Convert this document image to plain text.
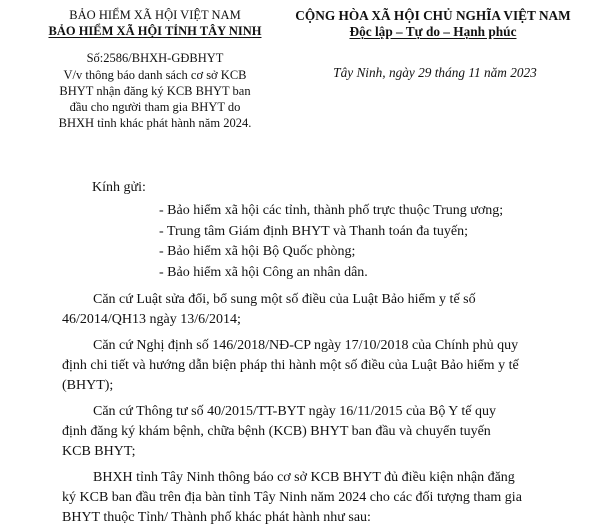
BẢO HIỂM XÃ HỘI VIỆT NAM
BẢO HIỂM XÃ HỘI TỈNH TÂY NINH
CỘNG HÒA XÃ HỘI CHỦ NGHĨA VIỆT NAM
Độc lập – Tự do – Hạnh phúc
Số:2586/BHXH-GĐBHYT
Tây Ninh, ngày 29 tháng 11 năm 2023
V/v thông báo danh sách cơ sở KCB
BHYT nhận đăng ký KCB BHYT ban
đầu cho người tham gia BHYT do
BHXH tỉnh khác phát hành năm 2024.
Kính gửi:
- Bảo hiểm xã hội các tỉnh, thành phố trực thuộc Trung ương;
- Trung tâm Giám định BHYT và Thanh toán đa tuyến;
- Bảo hiểm xã hội Bộ Quốc phòng;
- Bảo hiểm xã hội Công an nhân dân.
Căn cứ Luật sửa đổi, bổ sung một số điều của Luật Bảo hiểm y tế số
46/2014/QH13 ngày 13/6/2014;
Căn cứ Nghị định số 146/2018/NĐ-CP ngày 17/10/2018 của Chính phủ quy
định chi tiết và hướng dẫn biện pháp thi hành một số điều của Luật Bảo hiểm y tế
(BHYT);
Căn cứ Thông tư số 40/2015/TT-BYT ngày 16/11/2015 của Bộ Y tế quy
định đăng ký khám bệnh, chữa bệnh (KCB) BHYT ban đầu và chuyển tuyến
KCB BHYT;
BHXH tỉnh Tây Ninh thông báo cơ sở KCB BHYT đủ điều kiện nhận đăng
ký KCB ban đầu trên địa bàn tỉnh Tây Ninh năm 2024 cho các đối tượng tham gia
BHYT thuộc Tỉnh/ Thành phố khác phát hành như sau:
